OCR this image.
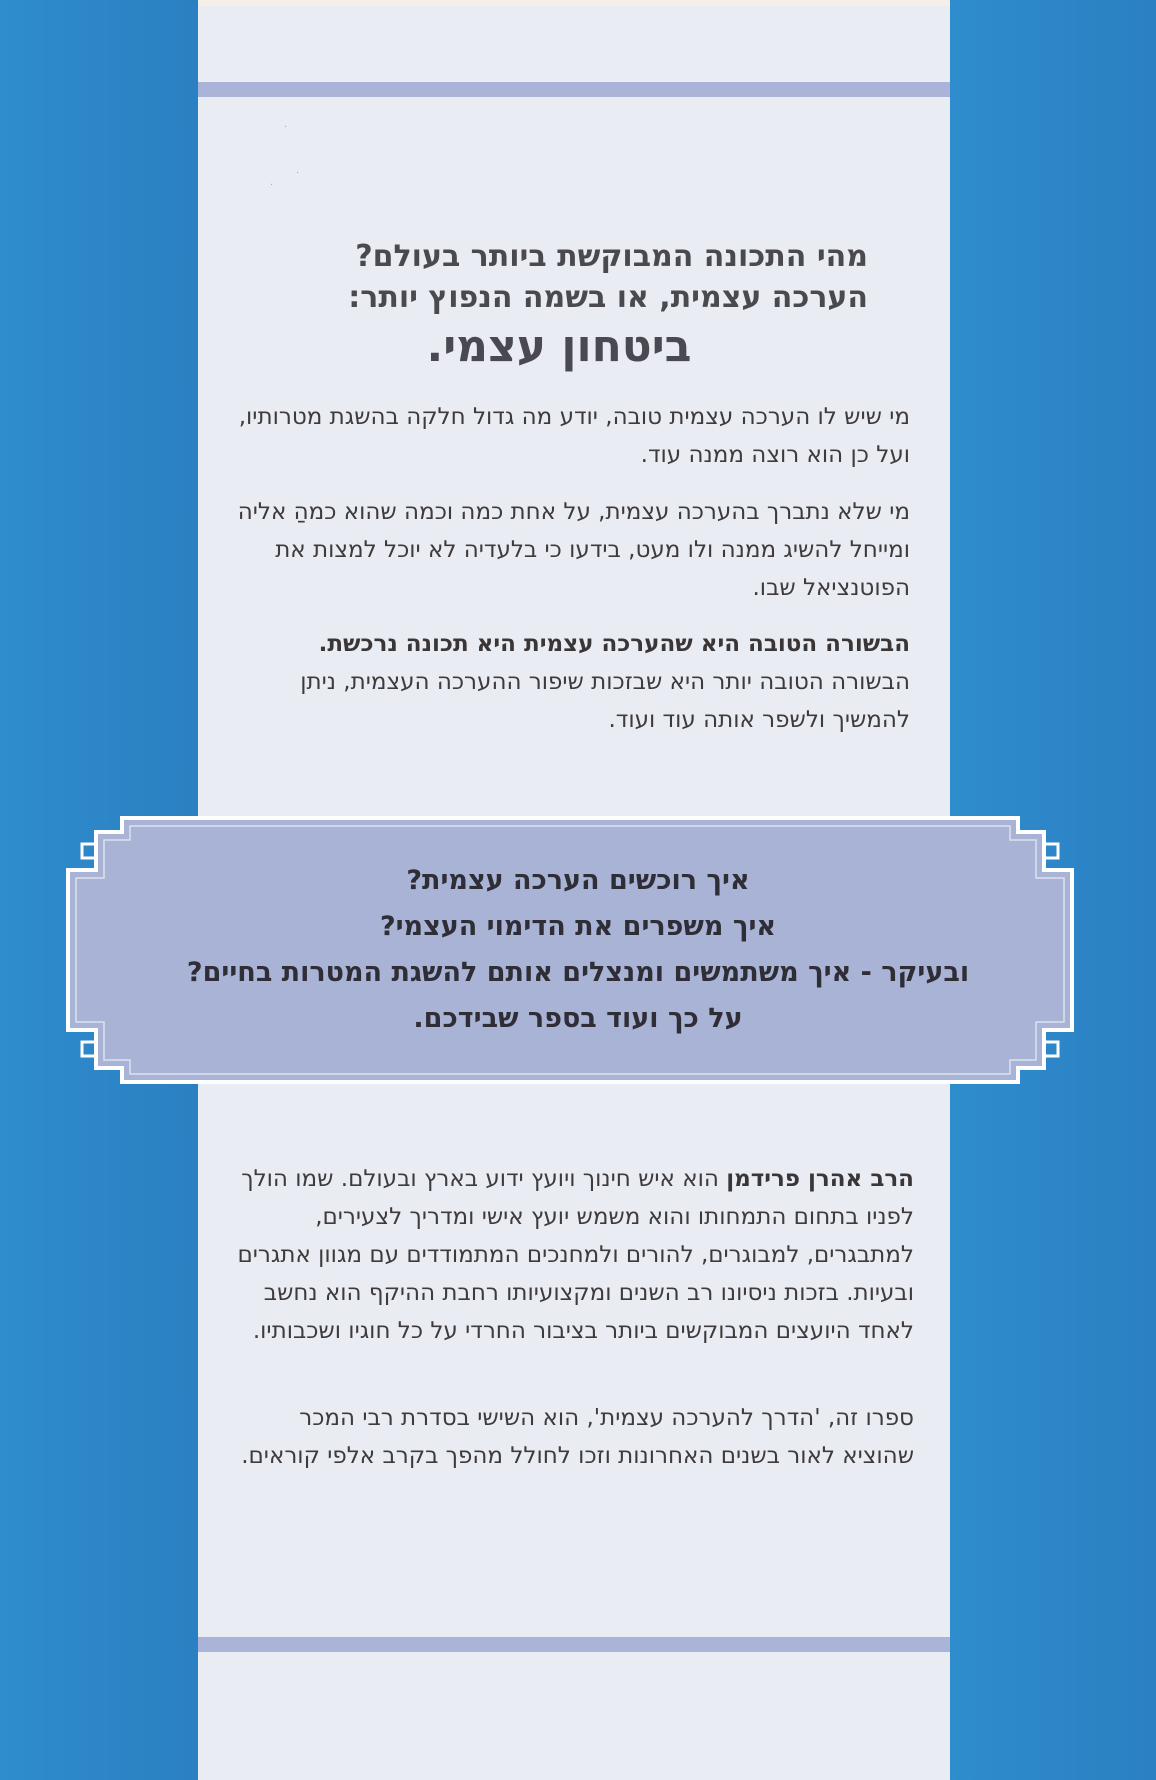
·
·
·
מהי התכונה המבוקשת ביותר בעולם?
הערכה עצמית, או בשמה הנפוץ יותר:
ביטחון עצמי.
מי שיש לו הערכה עצמית טובה, יודע מה גדול חלקה בהשגת מטרותיו, ועל כן הוא רוצה ממנה עוד.
מי שלא נתברך בהערכה עצמית, על אחת כמה וכמה שהוא כמהַ אליה ומייחל להשיג ממנה ולו מעט, בידעו כי בלעדיה לא יוכל למצות את הפוטנציאל שבו.
הבשורה הטובה היא שהערכה עצמית היא תכונה נרכשת.
הבשורה הטובה יותר היא שבזכות שיפור ההערכה העצמית, ניתן להמשיך ולשפר אותה עוד ועוד.
איך רוכשים הערכה עצמית?
איך משפרים את הדימוי העצמי?
ובעיקר - איך משתמשים ומנצלים אותם להשגת המטרות בחיים?
על כך ועוד בספר שבידכם.
הרב אהרן פרידמן הוא איש חינוך ויועץ ידוע בארץ ובעולם. שמו הולך לפניו בתחום התמחותו והוא משמש יועץ אישי ומדריך לצעירים, למתבגרים, למבוגרים, להורים ולמחנכים המתמודדים עם מגוון אתגרים ובעיות. בזכות ניסיונו רב השנים ומקצועיותו רחבת ההיקף הוא נחשב לאחד היועצים המבוקשים ביותר בציבור החרדי על כל חוגיו ושכבותיו.
ספרו זה, 'הדרך להערכה עצמית', הוא השישי בסדרת רבי המכר שהוציא לאור בשנים האחרונות וזכו לחולל מהפך בקרב אלפי קוראים.
